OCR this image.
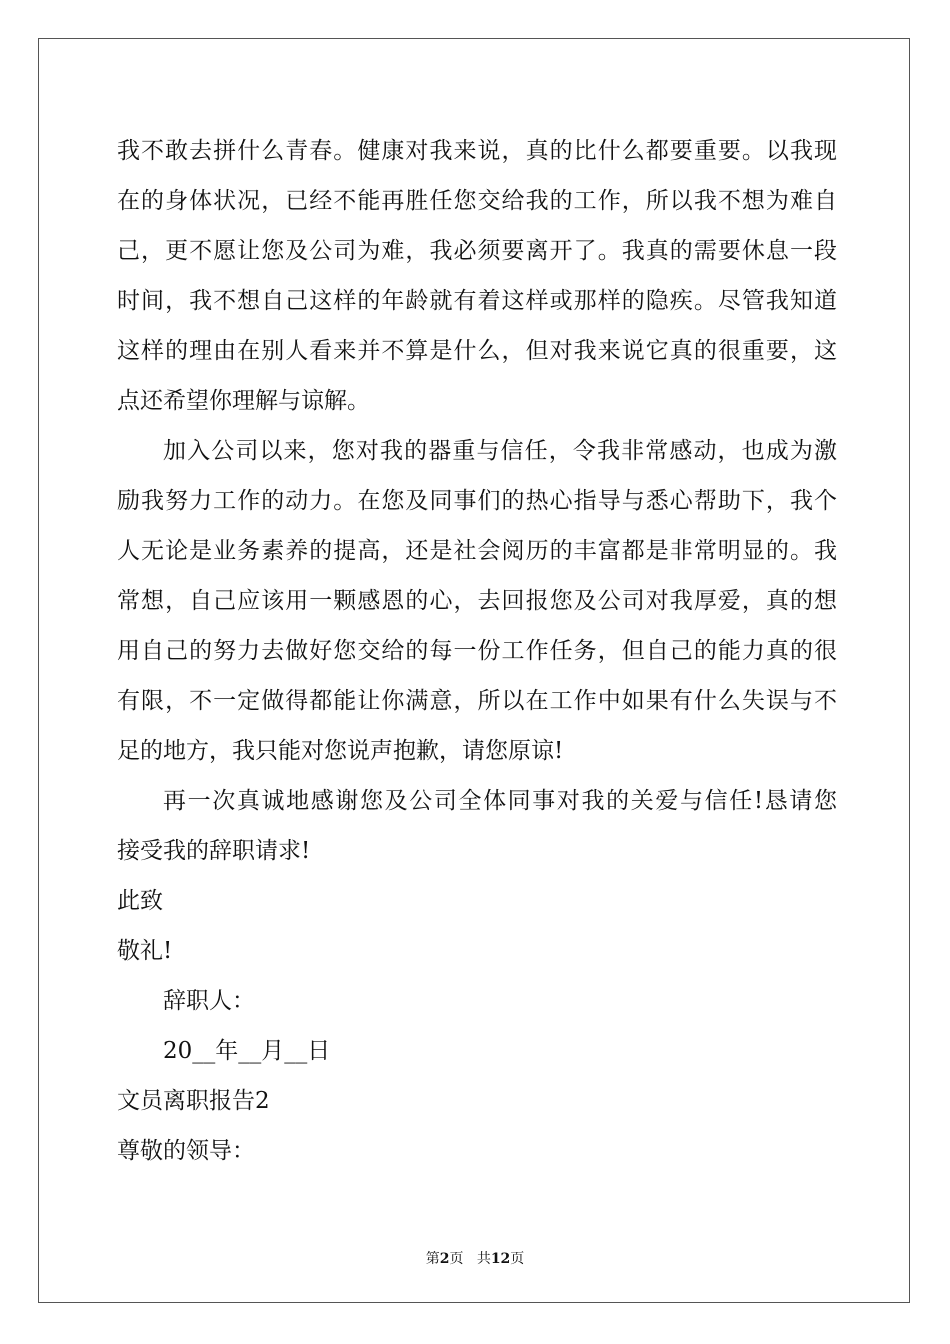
我不敢去拼什么青春。健康对我来说，真的比什么都要重要。以我现
在的身体状况，已经不能再胜任您交给我的工作，所以我不想为难自
己，更不愿让您及公司为难，我必须要离开了。我真的需要休息一段
时间，我不想自己这样的年龄就有着这样或那样的隐疾。尽管我知道
这样的理由在别人看来并不算是什么，但对我来说它真的很重要，这
点还希望你理解与谅解。
加入公司以来，您对我的器重与信任，令我非常感动，也成为激
励我努力工作的动力。在您及同事们的热心指导与悉心帮助下，我个
人无论是业务素养的提高，还是社会阅历的丰富都是非常明显的。我
常想，自己应该用一颗感恩的心，去回报您及公司对我厚爱，真的想
用自己的努力去做好您交给的每一份工作任务，但自己的能力真的很
有限，不一定做得都能让你满意，所以在工作中如果有什么失误与不
足的地方，我只能对您说声抱歉，请您原谅!
再一次真诚地感谢您及公司全体同事对我的关爱与信任!恳请您
接受我的辞职请求!
此致
敬礼!
辞职人：
20__年__月__日
文员离职报告2
尊敬的领导：
第2页 共12页
